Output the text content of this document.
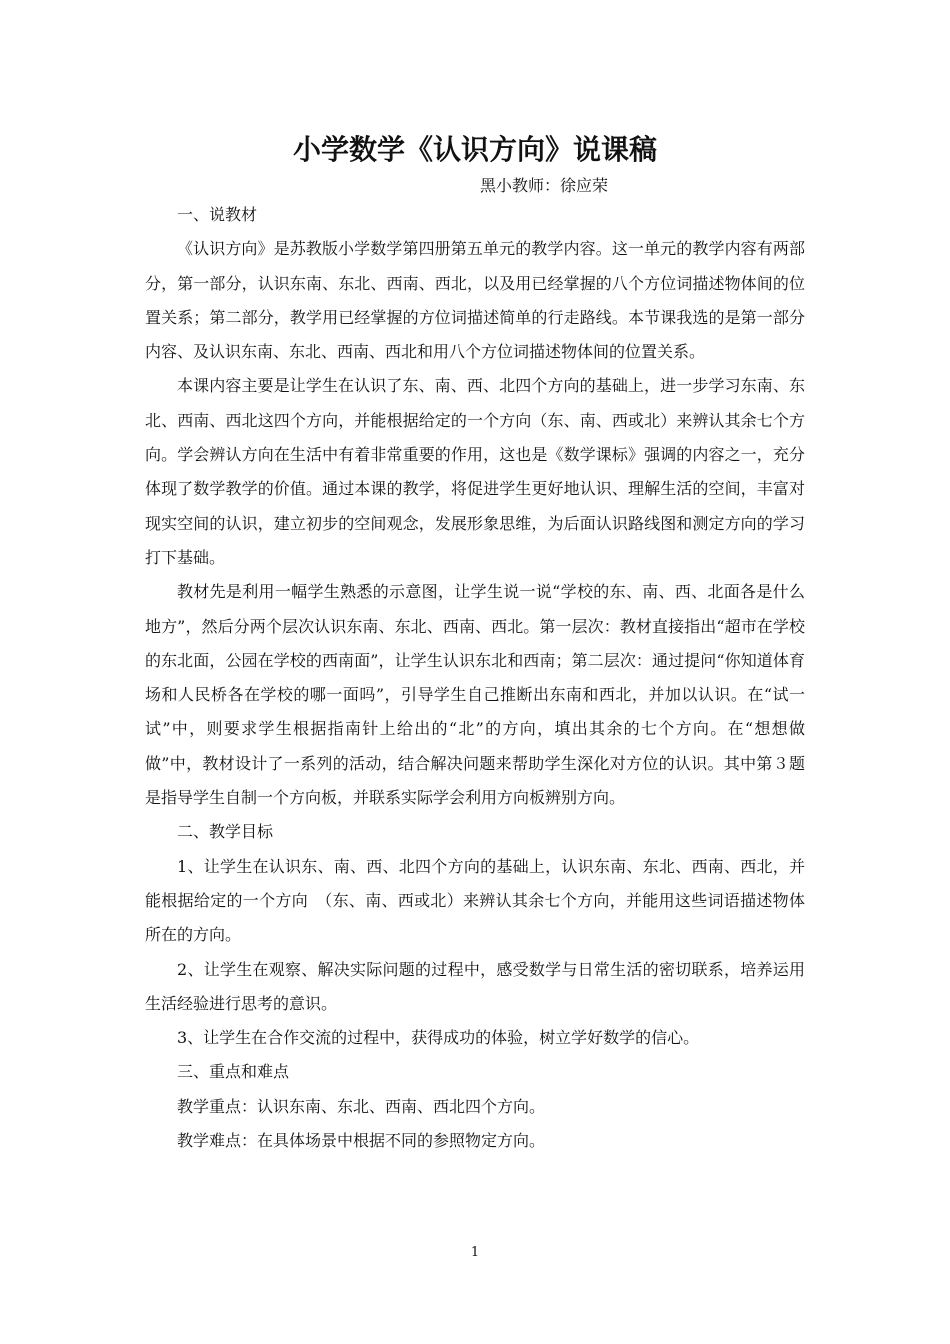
小学数学《认识方向》说课稿
黑小教师：徐应荣

一、说教材

《认识方向》是苏教版小学数学第四册第五单元的教学内容。这一单元的教学内容有两部分，第一部分，认识东南、东北、西南、西北，以及用已经掌握的八个方位词描述物体间的位置关系；第二部分，教学用已经掌握的方位词描述简单的行走路线。本节课我选的是第一部分内容、及认识东南、东北、西南、西北和用八个方位词描述物体间的位置关系。

本课内容主要是让学生在认识了东、南、西、北四个方向的基础上，进一步学习东南、东北、西南、西北这四个方向，并能根据给定的一个方向（东、南、西或北）来辨认其余七个方向。学会辨认方向在生活中有着非常重要的作用，这也是《数学课标》强调的内容之一，充分体现了数学教学的价值。通过本课的教学，将促进学生更好地认识、理解生活的空间，丰富对现实空间的认识，建立初步的空间观念，发展形象思维，为后面认识路线图和测定方向的学习打下基础。

教材先是利用一幅学生熟悉的示意图，让学生说一说“学校的东、南、西、北面各是什么地方”，然后分两个层次认识东南、东北、西南、西北。第一层次：教材直接指出“超市在学校的东北面，公园在学校的西南面”，让学生认识东北和西南；第二层次：通过提问“你知道体育场和人民桥各在学校的哪一面吗”，引导学生自己推断出东南和西北，并加以认识。在“试一试”中，则要求学生根据指南针上给出的“北”的方向，填出其余的七个方向。在“想想做做”中，教材设计了一系列的活动，结合解决问题来帮助学生深化对方位的认识。其中第３题是指导学生自制一个方向板，并联系实际学会利用方向板辨别方向。

二、教学目标

1、让学生在认识东、南、西、北四个方向的基础上，认识东南、东北、西南、西北，并能根据给定的一个方向　（东、南、西或北）来辨认其余七个方向，并能用这些词语描述物体所在的方向。

2、让学生在观察、解决实际问题的过程中，感受数学与日常生活的密切联系，培养运用生活经验进行思考的意识。

3、让学生在合作交流的过程中，获得成功的体验，树立学好数学的信心。

三、重点和难点

教学重点：认识东南、东北、西南、西北四个方向。

教学难点：在具体场景中根据不同的参照物定方向。

1
